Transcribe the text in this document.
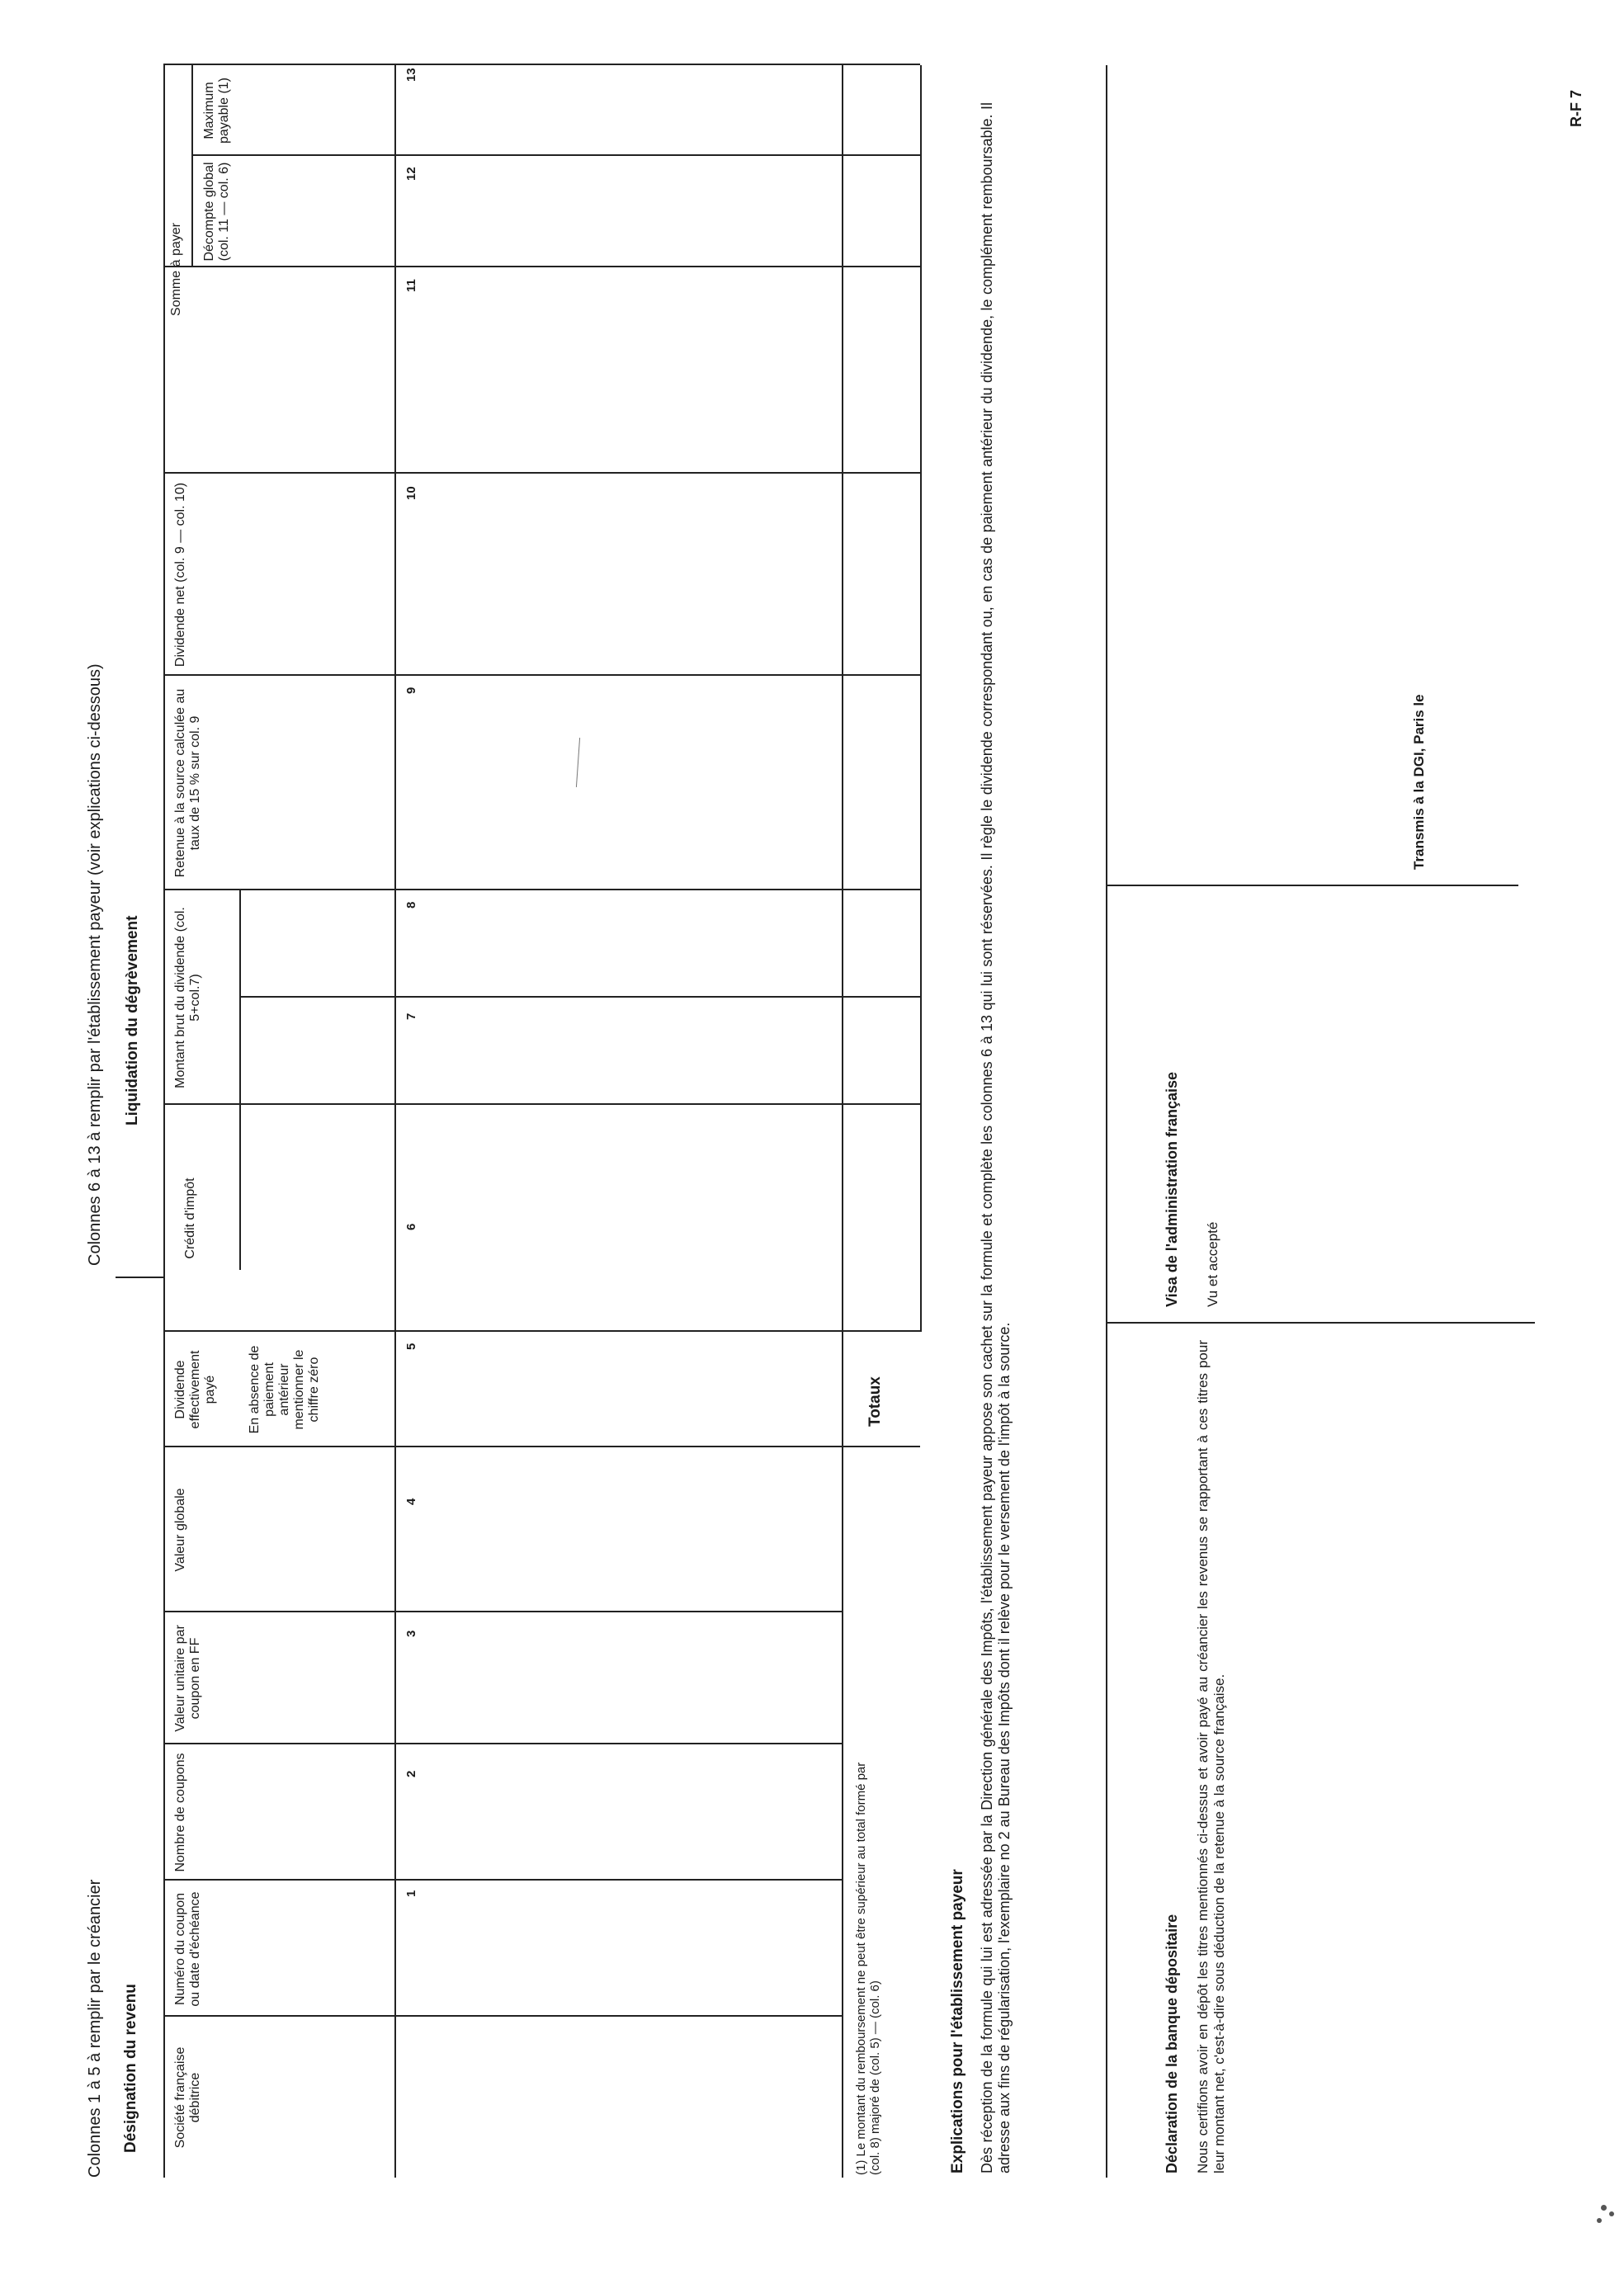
Colonnes 1 à 5 à remplir par le créancier
Colonnes 6 à 13 à remplir par l'établissement payeur (voir explications ci-dessous)
Désignation du revenu
Liquidation du dégrèvement
Société française débitrice
Numéro du coupon ou date d'échéance
Nombre de coupons
Valeur unitaire par coupon en FF
Valeur globale
Dividende effectivement payé En absence de paiement antérieur mentionner le chiffre zéro
Crédit d'impôt
Montant brut du dividende (col. 5+col.7)
Retenue à la source calculée au taux de 15 % sur col. 9
Dividende net (col. 9 — col. 10)
Somme à payer
Décompte global (col. 11 — col. 6)
Maximum payable (1)
1
2
3
4
5
6
7
8
9
10
11
12
13
Totaux
(1) Le montant du remboursement ne peut être supérieur au total formé par (col. 8) majoré de (col. 5) — (col. 6)	Explications pour l'établissement payeur Dès réception de la formule qui lui est adressée par la Direction générale des Impôts, l'établissement payeur appose son cachet sur la formule et complète les colonnes 6 à 13 qui lui sont réservées. Il règle le dividende correspondant ou, en cas de paiement antérieur du dividende, le complément remboursable. Il adresse aux fins de régularisation, l'exemplaire no 2 au Bureau des Impôts dont il relève pour le versement de l'impôt à la source.	Déclaration de la banque dépositaire Nous certifions avoir en dépôt les titres mentionnés ci-dessus et avoir payé au créancier les revenus se rapportant à ces titres pour leur montant net, c'est-à-dire sous déduction de la retenue à la source française.
Visa de l'administration française Vu et accepté
Transmis à la DGI, Paris le
R-F 7
